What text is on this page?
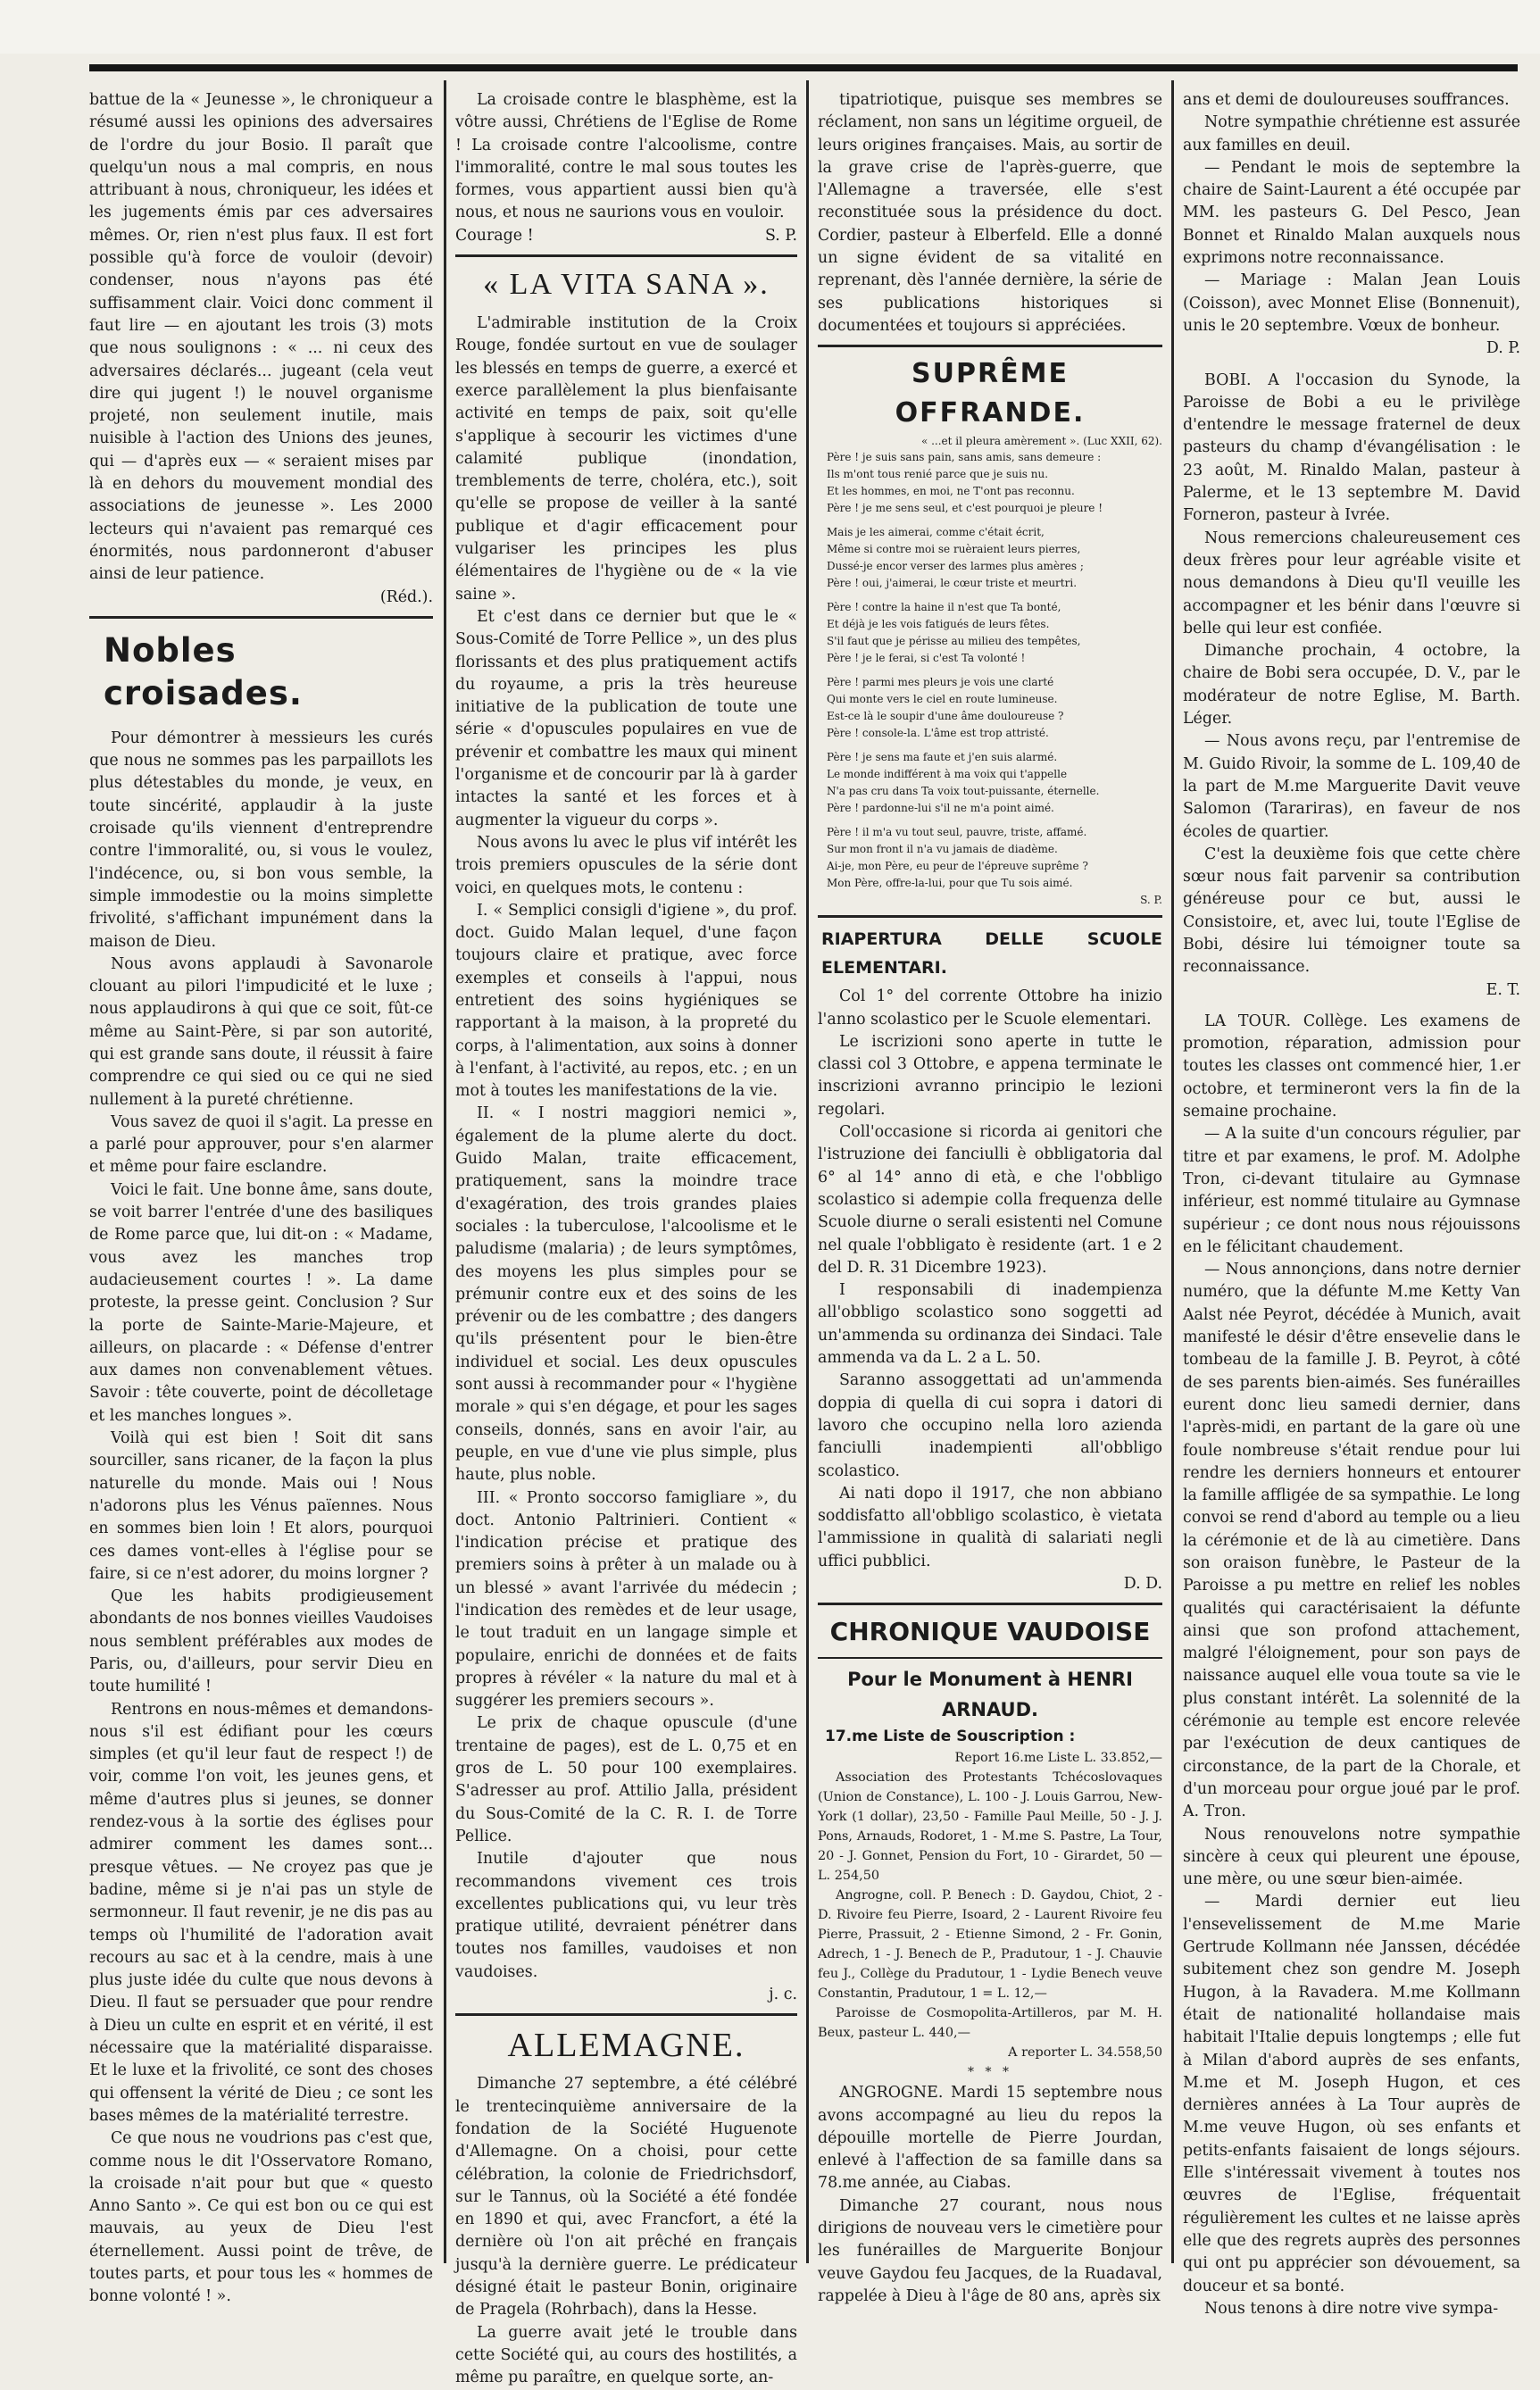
battue de la « Jeunesse », le chroniqueur a résumé aussi les opinions des adversaires de l'ordre du jour Bosio. Il paraît que quelqu'un nous a mal compris, en nous attribuant à nous, chroniqueur, les idées et les jugements émis par ces adversaires mêmes. Or, rien n'est plus faux. Il est fort possible qu'à force de vouloir (devoir) condenser, nous n'ayons pas été suffisamment clair. Voici donc comment il faut lire — en ajoutant les trois (3) mots que nous soulignons : « ... ni ceux des adversaires déclarés... jugeant (cela veut dire qui jugent !) le nouvel organisme projeté, non seulement inutile, mais nuisible à l'action des Unions des jeunes, qui — d'après eux — « seraient mises par là en dehors du mouvement mondial des associations de jeunesse ». Les 2000 lecteurs qui n'avaient pas remarqué ces énormités, nous pardonneront d'abuser ainsi de leur patience.

(Réd.).

Nobles croisades.

Pour démontrer à messieurs les curés que nous ne sommes pas les parpaillots les plus détestables du monde, je veux, en toute sincérité, applaudir à la juste croisade qu'ils viennent d'entreprendre contre l'immoralité, ou, si vous le voulez, l'indécence, ou, si bon vous semble, la simple immodestie ou la moins simplette frivolité, s'affichant impunément dans la maison de Dieu.

Nous avons applaudi à Savonarole clouant au pilori l'impudicité et le luxe ; nous applaudirons à qui que ce soit, fût-ce même au Saint-Père, si par son autorité, qui est grande sans doute, il réussit à faire comprendre ce qui sied ou ce qui ne sied nullement à la pureté chrétienne.

Vous savez de quoi il s'agit. La presse en a parlé pour approuver, pour s'en alarmer et même pour faire esclandre.

Voici le fait. Une bonne âme, sans doute, se voit barrer l'entrée d'une des basiliques de Rome parce que, lui dit-on : « Madame, vous avez les manches trop audacieusement courtes ! ». La dame proteste, la presse geint. Conclusion ? Sur la porte de Sainte-Marie-Majeure, et ailleurs, on placarde : « Défense d'entrer aux dames non convenablement vêtues. Savoir : tête couverte, point de décolletage et les manches longues ».

Voilà qui est bien ! Soit dit sans sourciller, sans ricaner, de la façon la plus naturelle du monde. Mais oui ! Nous n'adorons plus les Vénus païennes. Nous en sommes bien loin ! Et alors, pourquoi ces dames vont-elles à l'église pour se faire, si ce n'est adorer, du moins lorgner ?

Que les habits prodigieusement abondants de nos bonnes vieilles Vaudoises nous semblent préférables aux modes de Paris, ou, d'ailleurs, pour servir Dieu en toute humilité !

Rentrons en nous-mêmes et demandons-nous s'il est édifiant pour les cœurs simples (et qu'il leur faut de respect !) de voir, comme l'on voit, les jeunes gens, et même d'autres plus si jeunes, se donner rendez-vous à la sortie des églises pour admirer comment les dames sont... presque vêtues. — Ne croyez pas que je badine, même si je n'ai pas un style de sermonneur. Il faut revenir, je ne dis pas au temps où l'humilité de l'adoration avait recours au sac et à la cendre, mais à une plus juste idée du culte que nous devons à Dieu. Il faut se persuader que pour rendre à Dieu un culte en esprit et en vérité, il est nécessaire que la matérialité disparaisse. Et le luxe et la frivolité, ce sont des choses qui offensent la vérité de Dieu ; ce sont les bases mêmes de la matérialité terrestre.

Ce que nous ne voudrions pas c'est que, comme nous le dit l'Osservatore Romano, la croisade n'ait pour but que « questo Anno Santo ». Ce qui est bon ou ce qui est mauvais, au yeux de Dieu l'est éternellement. Aussi point de trêve, de toutes parts, et pour tous les « hommes de bonne volonté ! ».

La croisade contre le blasphème, est la vôtre aussi, Chrétiens de l'Eglise de Rome ! La croisade contre l'alcoolisme, contre l'immoralité, contre le mal sous toutes les formes, vous appartient aussi bien qu'à nous, et nous ne saurions vous en vouloir.

Courage !	S. P.

« LA VITA SANA ».

L'admirable institution de la Croix Rouge, fondée surtout en vue de soulager les blessés en temps de guerre, a exercé et exerce parallèlement la plus bienfaisante activité en temps de paix, soit qu'elle s'applique à secourir les victimes d'une calamité publique (inondation, tremblements de terre, choléra, etc.), soit qu'elle se propose de veiller à la santé publique et d'agir efficacement pour vulgariser les principes les plus élémentaires de l'hygiène ou de « la vie saine ».

Et c'est dans ce dernier but que le « Sous-Comité de Torre Pellice », un des plus florissants et des plus pratiquement actifs du royaume, a pris la très heureuse initiative de la publication de toute une série « d'opuscules populaires en vue de prévenir et combattre les maux qui minent l'organisme et de concourir par là à garder intactes la santé et les forces et à augmenter la vigueur du corps ».

Nous avons lu avec le plus vif intérêt les trois premiers opuscules de la série dont voici, en quelques mots, le contenu :

I. « Semplici consigli d'igiene », du prof. doct. Guido Malan lequel, d'une façon toujours claire et pratique, avec force exemples et conseils à l'appui, nous entretient des soins hygiéniques se rapportant à la maison, à la propreté du corps, à l'alimentation, aux soins à donner à l'enfant, à l'activité, au repos, etc. ; en un mot à toutes les manifestations de la vie.

II. « I nostri maggiori nemici », également de la plume alerte du doct. Guido Malan, traite efficacement, pratiquement, sans la moindre trace d'exagération, des trois grandes plaies sociales : la tuberculose, l'alcoolisme et le paludisme (malaria) ; de leurs symptômes, des moyens les plus simples pour se prémunir contre eux et des soins de les prévenir ou de les combattre ; des dangers qu'ils présentent pour le bien-être individuel et social. Les deux opuscules sont aussi à recommander pour « l'hygiène morale » qui s'en dégage, et pour les sages conseils, donnés, sans en avoir l'air, au peuple, en vue d'une vie plus simple, plus haute, plus noble.

III. « Pronto soccorso famigliare », du doct. Antonio Paltrinieri. Contient « l'indication précise et pratique des premiers soins à prêter à un malade ou à un blessé » avant l'arrivée du médecin ; l'indication des remèdes et de leur usage, le tout traduit en un langage simple et populaire, enrichi de données et de faits propres à révéler « la nature du mal et à suggérer les premiers secours ».

Le prix de chaque opuscule (d'une trentaine de pages), est de L. 0,75 et en gros de L. 50 pour 100 exemplaires. S'adresser au prof. Attilio Jalla, président du Sous-Comité de la C. R. I. de Torre Pellice.

Inutile d'ajouter que nous recommandons vivement ces trois excellentes publications qui, vu leur très pratique utilité, devraient pénétrer dans toutes nos familles, vaudoises et non vaudoises.

j. c.

ALLEMAGNE.

Dimanche 27 septembre, a été célébré le trentecinquième anniversaire de la fondation de la Société Huguenote d'Allemagne. On a choisi, pour cette célébration, la colonie de Friedrichsdorf, sur le Tannus, où la Société a été fondée en 1890 et qui, avec Francfort, a été la dernière où l'on ait prêché en français jusqu'à la dernière guerre. Le prédicateur désigné était le pasteur Bonin, originaire de Pragela (Rohrbach), dans la Hesse.

La guerre avait jeté le trouble dans cette Société qui, au cours des hostilités, a même pu paraître, en quelque sorte, an-

tipatriotique, puisque ses membres se réclament, non sans un légitime orgueil, de leurs origines françaises. Mais, au sortir de la grave crise de l'après-guerre, que l'Allemagne a traversée, elle s'est reconstituée sous la présidence du doct. Cordier, pasteur à Elberfeld. Elle a donné un signe évident de sa vitalité en reprenant, dès l'année dernière, la série de ses publications historiques si documentées et toujours si appréciées.

SUPRÊME OFFRANDE.

« ...et il pleura amèrement ». (Luc XXII, 62).

Père ! je suis sans pain, sans amis, sans demeure :

Ils m'ont tous renié parce que je suis nu.

Et les hommes, en moi, ne T'ont pas reconnu.

Père ! je me sens seul, et c'est pourquoi je pleure !

Mais je les aimerai, comme c'était écrit,

Même si contre moi se ruèraient leurs pierres,

Dussé-je encor verser des larmes plus amères ;

Père ! oui, j'aimerai, le cœur triste et meurtri.

Père ! contre la haine il n'est que Ta bonté,

Et déjà je les vois fatigués de leurs fêtes.

S'il faut que je périsse au milieu des tempêtes,

Père ! je le ferai, si c'est Ta volonté !

Père ! parmi mes pleurs je vois une clarté

Qui monte vers le ciel en route lumineuse.

Est-ce là le soupir d'une âme douloureuse ?

Père ! console-la. L'âme est trop attristé.

Père ! je sens ma faute et j'en suis alarmé.

Le monde indifférent à ma voix qui t'appelle

N'a pas cru dans Ta voix tout-puissante, éternelle.

Père ! pardonne-lui s'il ne m'a point aimé.

Père ! il m'a vu tout seul, pauvre, triste, affamé.

Sur mon front il n'a vu jamais de diadème.

Ai-je, mon Père, eu peur de l'épreuve suprême ?

Mon Père, offre-la-lui, pour que Tu sois aimé.

S. P.

RIAPERTURA DELLE SCUOLE ELEMENTARI.

Col 1° del corrente Ottobre ha inizio l'anno scolastico per le Scuole elementari.

Le iscrizioni sono aperte in tutte le classi col 3 Ottobre, e appena terminate le inscrizioni avranno principio le lezioni regolari.

Coll'occasione si ricorda ai genitori che l'istruzione dei fanciulli è obbligatoria dal 6° al 14° anno di età, e che l'obbligo scolastico si adempie colla frequenza delle Scuole diurne o serali esistenti nel Comune nel quale l'obbligato è residente (art. 1 e 2 del D. R. 31 Dicembre 1923).

I responsabili di inadempienza all'obbligo scolastico sono soggetti ad un'ammenda su ordinanza dei Sindaci. Tale ammenda va da L. 2 a L. 50.

Saranno assoggettati ad un'ammenda doppia di quella di cui sopra i datori di lavoro che occupino nella loro azienda fanciulli inadempienti all'obbligo scolastico.

Ai nati dopo il 1917, che non abbiano soddisfatto all'obbligo scolastico, è vietata l'ammissione in qualità di salariati negli uffici pubblici.

D. D.

CHRONIQUE VAUDOISE
Pour le Monument à HENRI ARNAUD.
17.me Liste de Souscription :

Report 16.me Liste L. 33.852,—

Association des Protestants Tchécoslovaques (Union de Constance), L. 100 - J. Louis Garrou, New-York (1 dollar), 23,50 - Famille Paul Meille, 50 - J. J. Pons, Arnauds, Rodoret, 1 - M.me S. Pastre, La Tour, 20 - J. Gonnet, Pension du Fort, 10 - Girardet, 50 — L. 254,50

Angrogne, coll. P. Benech : D. Gaydou, Chiot, 2 - D. Rivoire feu Pierre, Isoard, 2 - Laurent Rivoire feu Pierre, Prassuit, 2 - Etienne Simond, 2 - Fr. Gonin, Adrech, 1 - J. Benech de P., Pradutour, 1 - J. Chauvie feu J., Collège du Pradutour, 1 - Lydie Benech veuve Constantin, Pradutour, 1 = L. 12,—

Paroisse de Cosmopolita-Artilleros, par M. H. Beux, pasteur L. 440,—

A reporter L. 34.558,50

* * *

ANGROGNE. Mardi 15 septembre nous avons accompagné au lieu du repos la dépouille mortelle de Pierre Jourdan, enlevé à l'affection de sa famille dans sa 78.me année, au Ciabas.

Dimanche 27 courant, nous nous dirigions de nouveau vers le cimetière pour les funérailles de Marguerite Bonjour veuve Gaydou feu Jacques, de la Ruadaval, rappelée à Dieu à l'âge de 80 ans, après six

ans et demi de douloureuses souffrances.

Notre sympathie chrétienne est assurée aux familles en deuil.

— Pendant le mois de septembre la chaire de Saint-Laurent a été occupée par MM. les pasteurs G. Del Pesco, Jean Bonnet et Rinaldo Malan auxquels nous exprimons notre reconnaissance.

— Mariage : Malan Jean Louis (Coisson), avec Monnet Elise (Bonnenuit), unis le 20 septembre. Vœux de bonheur.

D. P.

BOBI. A l'occasion du Synode, la Paroisse de Bobi a eu le privilège d'entendre le message fraternel de deux pasteurs du champ d'évangélisation : le 23 août, M. Rinaldo Malan, pasteur à Palerme, et le 13 septembre M. David Forneron, pasteur à Ivrée.

Nous remercions chaleureusement ces deux frères pour leur agréable visite et nous demandons à Dieu qu'Il veuille les accompagner et les bénir dans l'œuvre si belle qui leur est confiée.

Dimanche prochain, 4 octobre, la chaire de Bobi sera occupée, D. V., par le modérateur de notre Eglise, M. Barth. Léger.

— Nous avons reçu, par l'entremise de M. Guido Rivoir, la somme de L. 109,40 de la part de M.me Marguerite Davit veuve Salomon (Tarariras), en faveur de nos écoles de quartier.

C'est la deuxième fois que cette chère sœur nous fait parvenir sa contribution généreuse pour ce but, aussi le Consistoire, et, avec lui, toute l'Eglise de Bobi, désire lui témoigner toute sa reconnaissance.

E. T.

LA TOUR. Collège. Les examens de promotion, réparation, admission pour toutes les classes ont commencé hier, 1.er octobre, et termineront vers la fin de la semaine prochaine.

— A la suite d'un concours régulier, par titre et par examens, le prof. M. Adolphe Tron, ci-devant titulaire au Gymnase inférieur, est nommé titulaire au Gymnase supérieur ; ce dont nous nous réjouissons en le félicitant chaudement.

— Nous annonçions, dans notre dernier numéro, que la défunte M.me Ketty Van Aalst née Peyrot, décédée à Munich, avait manifesté le désir d'être ensevelie dans le tombeau de la famille J. B. Peyrot, à côté de ses parents bien-aimés. Ses funérailles eurent donc lieu samedi dernier, dans l'après-midi, en partant de la gare où une foule nombreuse s'était rendue pour lui rendre les derniers honneurs et entourer la famille affligée de sa sympathie. Le long convoi se rend d'abord au temple ou a lieu la cérémonie et de là au cimetière. Dans son oraison funèbre, le Pasteur de la Paroisse a pu mettre en relief les nobles qualités qui caractérisaient la défunte ainsi que son profond attachement, malgré l'éloignement, pour son pays de naissance auquel elle voua toute sa vie le plus constant intérêt. La solennité de la cérémonie au temple est encore relevée par l'exécution de deux cantiques de circonstance, de la part de la Chorale, et d'un morceau pour orgue joué par le prof. A. Tron.

Nous renouvelons notre sympathie sincère à ceux qui pleurent une épouse, une mère, ou une sœur bien-aimée.

— Mardi dernier eut lieu l'ensevelissement de M.me Marie Gertrude Kollmann née Janssen, décédée subitement chez son gendre M. Joseph Hugon, à la Ravadera. M.me Kollmann était de nationalité hollandaise mais habitait l'Italie depuis longtemps ; elle fut à Milan d'abord auprès de ses enfants, M.me et M. Joseph Hugon, et ces dernières années à La Tour auprès de M.me veuve Hugon, où ses enfants et petits-enfants faisaient de longs séjours. Elle s'intéressait vivement à toutes nos œuvres de l'Eglise, fréquentait régulièrement les cultes et ne laisse après elle que des regrets auprès des personnes qui ont pu apprécier son dévouement, sa douceur et sa bonté.

Nous tenons à dire notre vive sympa-
